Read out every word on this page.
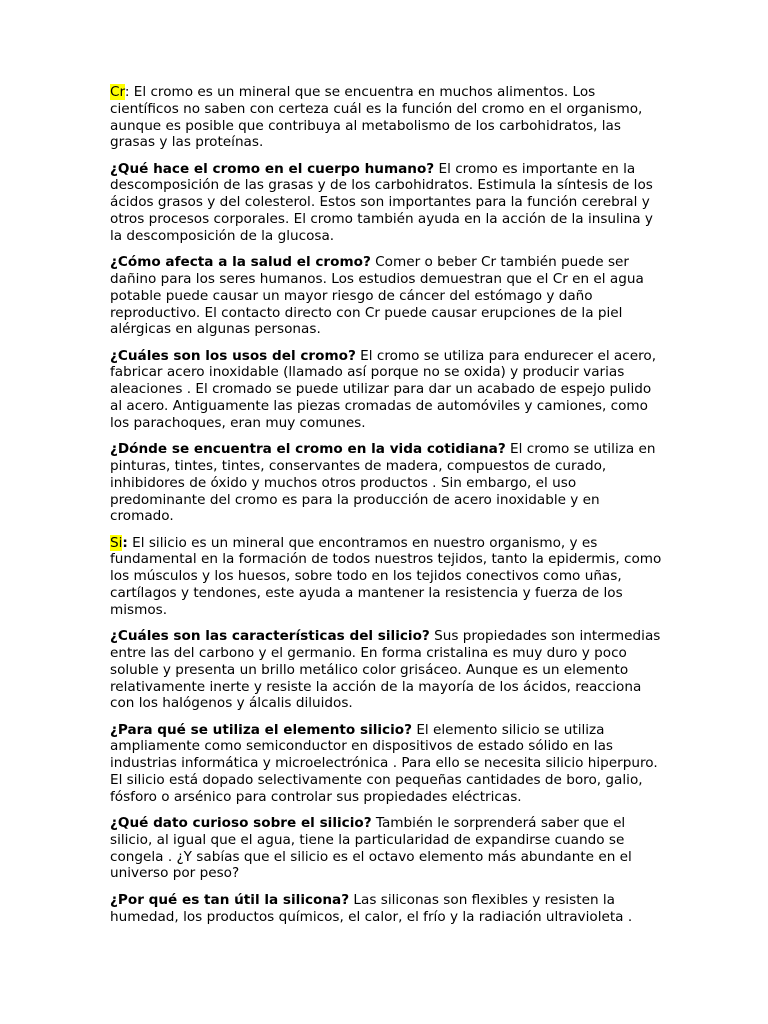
Cr: El cromo es un mineral que se encuentra en muchos alimentos. Los científicos no saben con certeza cuál es la función del cromo en el organismo, aunque es posible que contribuya al metabolismo de los carbohidratos, las grasas y las proteínas.

¿Qué hace el cromo en el cuerpo humano? El cromo es importante en la descomposición de las grasas y de los carbohidratos. Estimula la síntesis de los ácidos grasos y del colesterol. Estos son importantes para la función cerebral y otros procesos corporales. El cromo también ayuda en la acción de la insulina y la descomposición de la glucosa.

¿Cómo afecta a la salud el cromo? Comer o beber Cr también puede ser dañino para los seres humanos. Los estudios demuestran que el Cr en el agua potable puede causar un mayor riesgo de cáncer del estómago y daño reproductivo. El contacto directo con Cr puede causar erupciones de la piel alérgicas en algunas personas.

¿Cuáles son los usos del cromo? El cromo se utiliza para endurecer el acero, fabricar acero inoxidable (llamado así porque no se oxida) y producir varias aleaciones . El cromado se puede utilizar para dar un acabado de espejo pulido al acero. Antiguamente las piezas cromadas de automóviles y camiones, como los parachoques, eran muy comunes.

¿Dónde se encuentra el cromo en la vida cotidiana? El cromo se utiliza en pinturas, tintes, tintes, conservantes de madera, compuestos de curado, inhibidores de óxido y muchos otros productos . Sin embargo, el uso predominante del cromo es para la producción de acero inoxidable y en cromado.

Si: El silicio es un mineral que encontramos en nuestro organismo, y es fundamental en la formación de todos nuestros tejidos, tanto la epidermis, como los músculos y los huesos, sobre todo en los tejidos conectivos como uñas, cartílagos y tendones, este ayuda a mantener la resistencia y fuerza de los mismos.

¿Cuáles son las características del silicio? Sus propiedades son intermedias entre las del carbono y el germanio. En forma cristalina es muy duro y poco soluble y presenta un brillo metálico color grisáceo. Aunque es un elemento relativamente inerte y resiste la acción de la mayoría de los ácidos, reacciona con los halógenos y álcalis diluidos.

¿Para qué se utiliza el elemento silicio? El elemento silicio se utiliza ampliamente como semiconductor en dispositivos de estado sólido en las industrias informática y microelectrónica . Para ello se necesita silicio hiperpuro. El silicio está dopado selectivamente con pequeñas cantidades de boro, galio, fósforo o arsénico para controlar sus propiedades eléctricas.

¿Qué dato curioso sobre el silicio? También le sorprenderá saber que el silicio, al igual que el agua, tiene la particularidad de expandirse cuando se congela . ¿Y sabías que el silicio es el octavo elemento más abundante en el universo por peso?

¿Por qué es tan útil la silicona? Las siliconas son flexibles y resisten la humedad, los productos químicos, el calor, el frío y la radiación ultravioleta .
